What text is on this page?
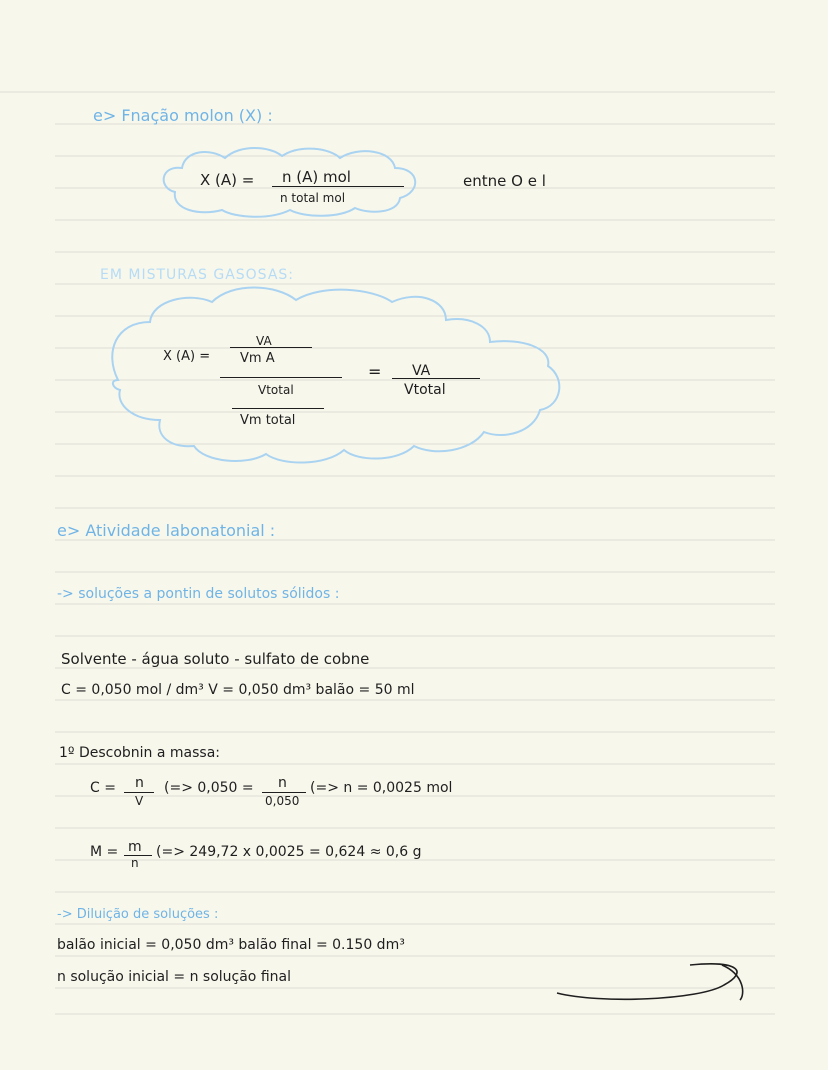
e> Fnação molon (X) :
X (A) = n (A) mol
n total mol
entne O e l
EM MISTURAS GASOSAS:
X (A) =
VA
Vm A
Vtotal
Vm total
= VA
Vtotal
e> Atividade labonatonial :
-> soluções a pontin de solutos sólidos :
Solvente - água soluto - sulfato de cobne
C = 0,050 mol / dm³ V = 0,050 dm³ balão = 50 ml
1º Descobnin a massa:
C = n
V
(=> 0,050 = n
0,050
(=> n = 0,0025 mol
M = m
n
(=> 249,72 x 0,0025 = 0,624 ≈ 0,6 g
-> Diluição de soluções :
balão inicial = 0,050 dm³ balão final = 0.150 dm³
n solução inicial = n solução final
